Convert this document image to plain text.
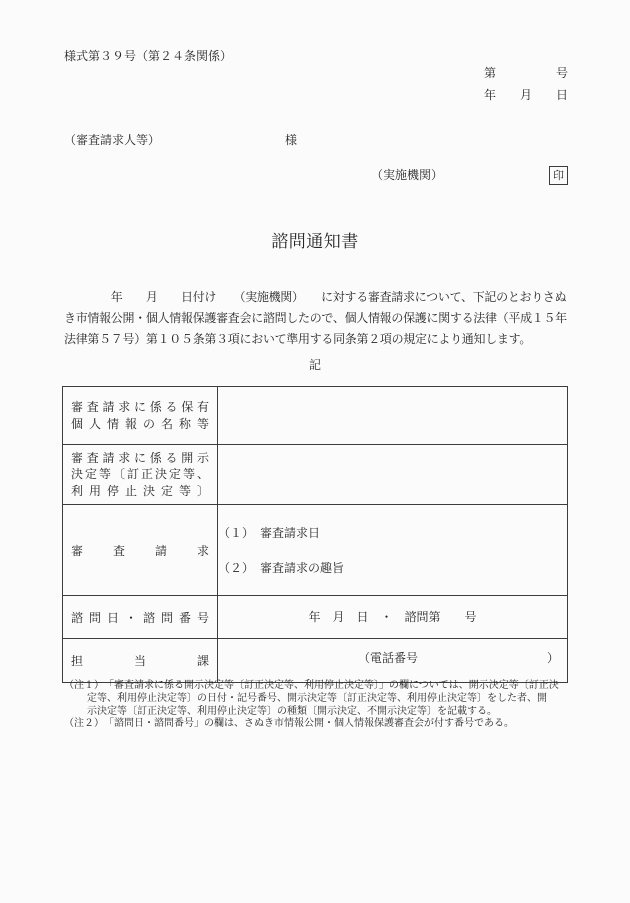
様式第３９号（第２４条関係）
第　　　　　号
年　　月　　日
（審査請求人等）	様
（実施機関）	印
諮問通知書
　　　　年　　月　　日付け　　（実施機関）　　に対する審査請求について、下記のとおりさぬ
き市情報公開・個人情報保護審査会に諮問したので、個人情報の保護に関する法律（平成１５年
法律第５７号）第１０５条第３項において準用する同条第２項の規定により通知します。
記
審査請求に係る保有
個人情報の名称等	

審査請求に係る開示
決定等〔訂正決定等、
利用停止決定等〕	

審査請求	（１）　審査請求日
（２）　審査請求の趣旨

諮問日・諮問番号	年　月　日　・　諮問第　　号

担当課	（電話番号 ）
（注１）　「審査請求に係る開示決定等〔訂正決定等、利用停止決定等〕」の欄については、開示決定等〔訂正決
定等、利用停止決定等〕の日付・記号番号、開示決定等〔訂正決定等、利用停止決定等〕をした者、開
示決定等〔訂正決定等、利用停止決定等〕の種類〔開示決定、不開示決定等〕を記載する。
（注２）　「諮問日・諮問番号」の欄は、さぬき市情報公開・個人情報保護審査会が付す番号である。
